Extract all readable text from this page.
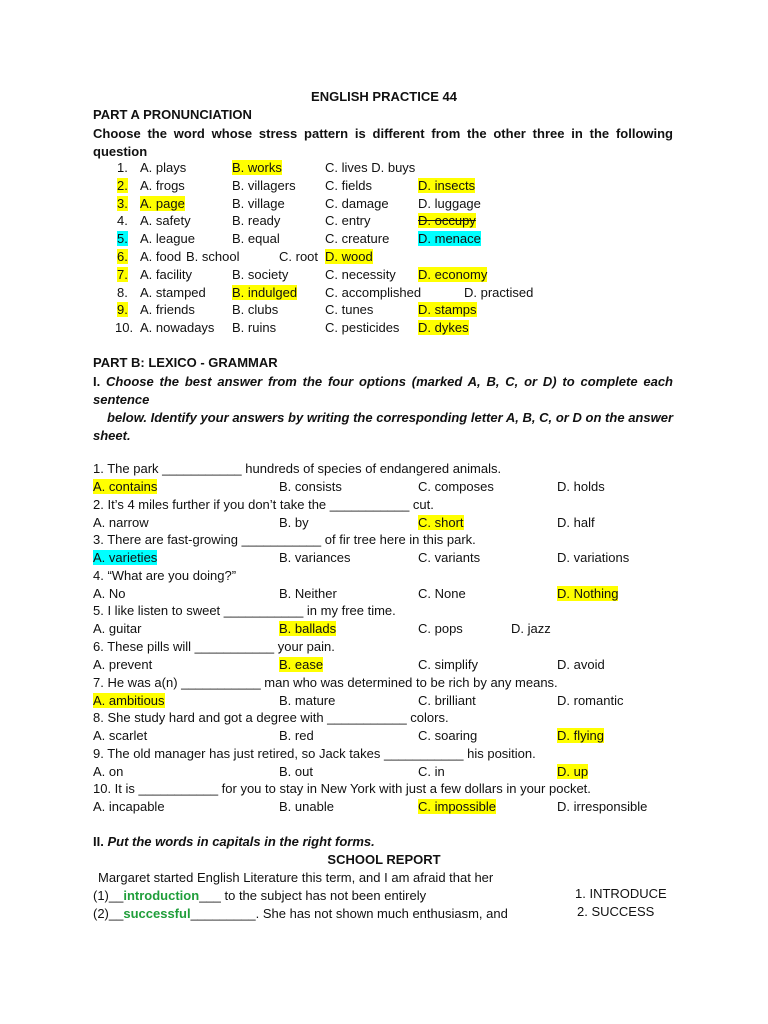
ENGLISH PRACTICE 44
PART A PRONUNCIATION
Choose the word whose stress pattern is different from the other three in the following question
1. A. plays	B. works	C. lives D. buys
2. A. frogs	B. villagers C. fields	D. insects
3. A. page	B. village	C. damage D. luggage
4. A. safety	B. ready	C. entry	D. occupy
5. A. league	B. equal	C. creature D. menace
6. A. food B. school	C. root D. wood
7. A. facility	B. society	C. necessity D. economy
8. A. stamped B. indulged C. accomplished	D. practised
9. A. friends	B. clubs	C. tunes	D. stamps
10. A. nowadays B. ruins	C. pesticides D. dykes
PART B: LEXICO - GRAMMAR
I. Choose the best answer from the four options (marked A, B, C, or D) to complete each sentence
below. Identify your answers by writing the corresponding letter A, B, C, or D on the answer sheet.
1. The park ___________ hundreds of species of endangered animals.
A. contains	B. consists	C. composes	D. holds
2. It’s 4 miles further if you don’t take the ___________ cut.
A. narrow	B. by	C. short	D. half
3. There are fast-growing ___________ of fir tree here in this park.
A. varieties	B. variances	C. variants	D. variations
4. “What are you doing?”
A. No	B. Neither	C. None	D. Nothing
5. I like listen to sweet ___________ in my free time.
A. guitar	B. ballads	C. pops	D. jazz
6. These pills will ___________ your pain.
A. prevent	B. ease	C. simplify	D. avoid
7. He was a(n) ___________ man who was determined to be rich by any means.
A. ambitious	B. mature	C. brilliant	D. romantic
8. She study hard and got a degree with ___________ colors.
A. scarlet	B. red	C. soaring	D. flying
9. The old manager has just retired, so Jack takes ___________ his position.
A. on	B. out	C. in	D. up
10. It is ___________ for you to stay in New York with just a few dollars in your pocket.
A. incapable	B. unable	C. impossible	D. irresponsible
II. Put the words in capitals in the right forms.
SCHOOL REPORT
Margaret started English Literature this term, and I am afraid that her
(1)__introduction___ to the subject has not been entirely
(2)__successful_________. She has not shown much enthusiasm, and
1. INTRODUCE
2. SUCCESS
